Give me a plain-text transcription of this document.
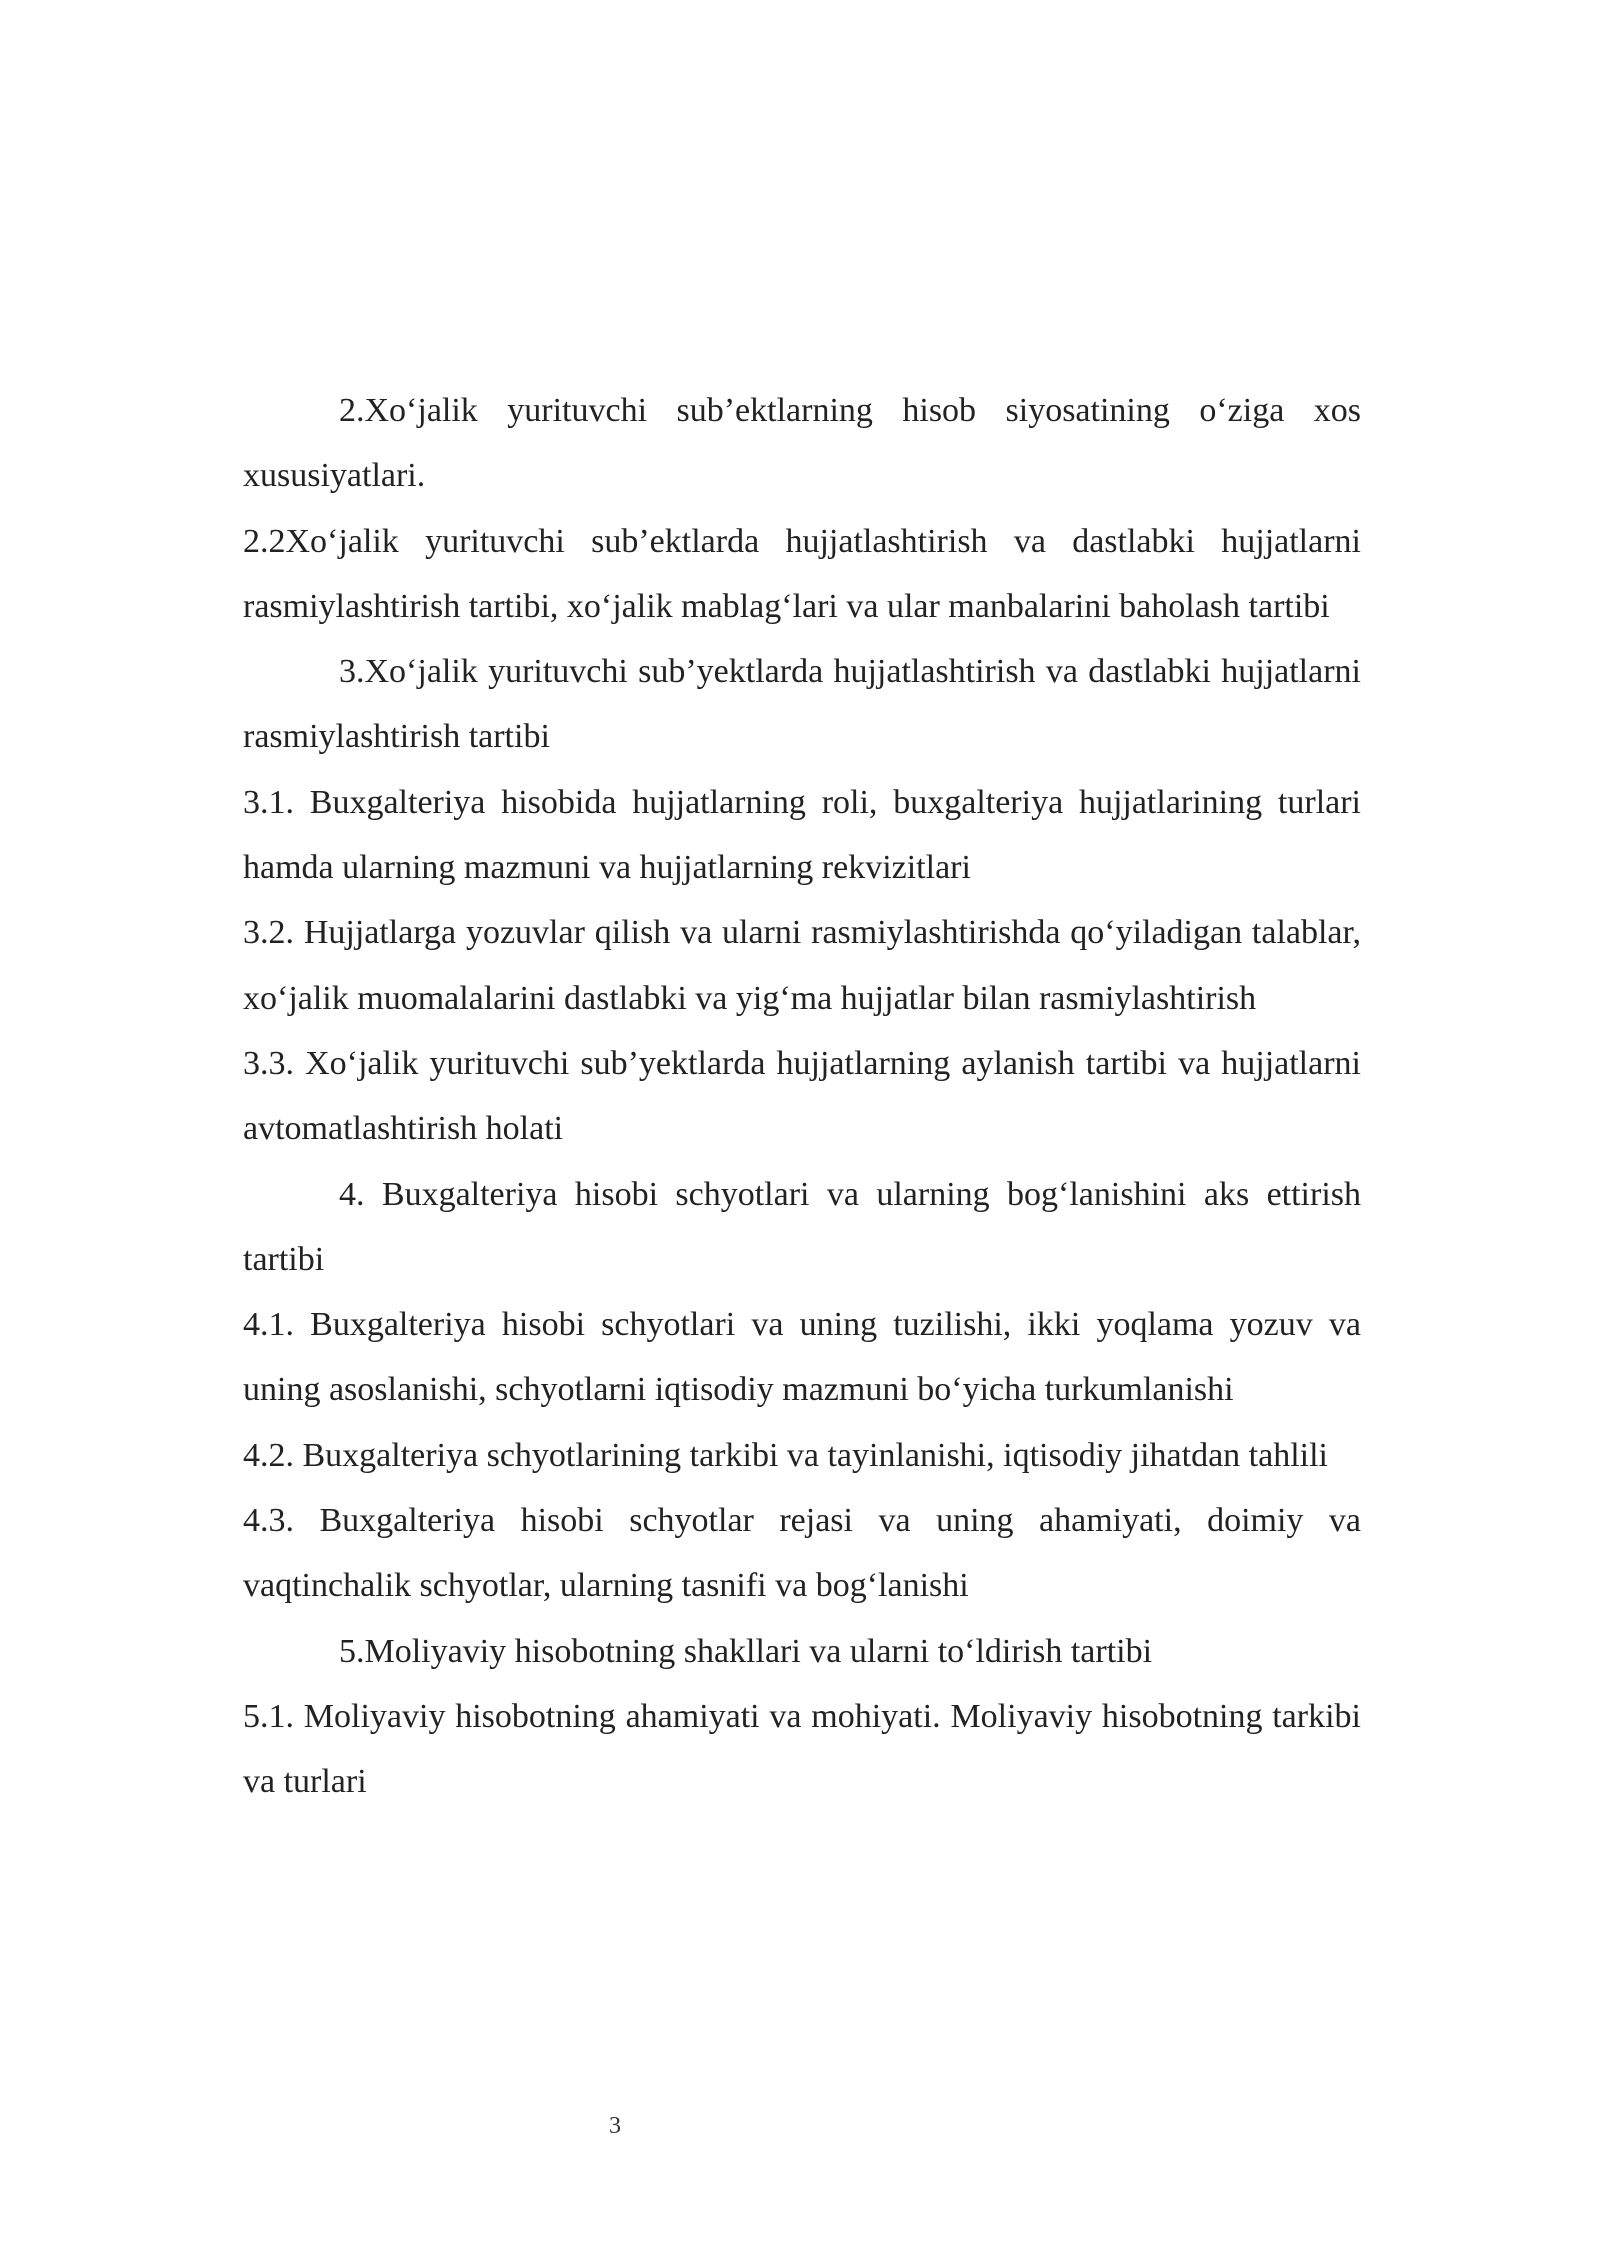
2.Xo‘jalik yurituvchi sub’ektlarning hisob siyosatining o‘ziga xos xususiyatlari.

2.2Xo‘jalik yurituvchi sub’ektlarda hujjatlashtirish va dastlabki hujjatlarni rasmiylashtirish tartibi, xo‘jalik mablag‘lari va ular manbalarini baholash tartibi

3.Xo‘jalik yurituvchi sub’yektlarda hujjatlashtirish va dastlabki hujjatlarni rasmiylashtirish tartibi

3.1. Buxgalteriya hisobida hujjatlarning roli, buxgalteriya hujjatlarining turlari hamda ularning mazmuni va hujjatlarning rekvizitlari

3.2. Hujjatlarga yozuvlar qilish va ularni rasmiylashtirishda qo‘yiladigan talablar, xo‘jalik muomalalarini dastlabki va yig‘ma hujjatlar bilan rasmiylashtirish

3.3. Xo‘jalik yurituvchi sub’yektlarda hujjatlarning aylanish tartibi va hujjatlarni avtomatlashtirish holati

4. Buxgalteriya hisobi schyotlari va ularning bog‘lanishini aks ettirish tartibi

4.1. Buxgalteriya hisobi schyotlari va uning tuzilishi, ikki yoqlama yozuv va uning asoslanishi, schyotlarni iqtisodiy mazmuni bo‘yicha turkumlanishi

4.2. Buxgalteriya schyotlarining tarkibi va tayinlanishi, iqtisodiy jihatdan tahlili

4.3. Buxgalteriya hisobi schyotlar rejasi va uning ahamiyati, doimiy va vaqtinchalik schyotlar, ularning tasnifi va bog‘lanishi

5.Moliyaviy hisobotning shakllari va ularni to‘ldirish tartibi

5.1. Moliyaviy hisobotning ahamiyati va mohiyati. Moliyaviy hisobotning tarkibi va turlari

3
